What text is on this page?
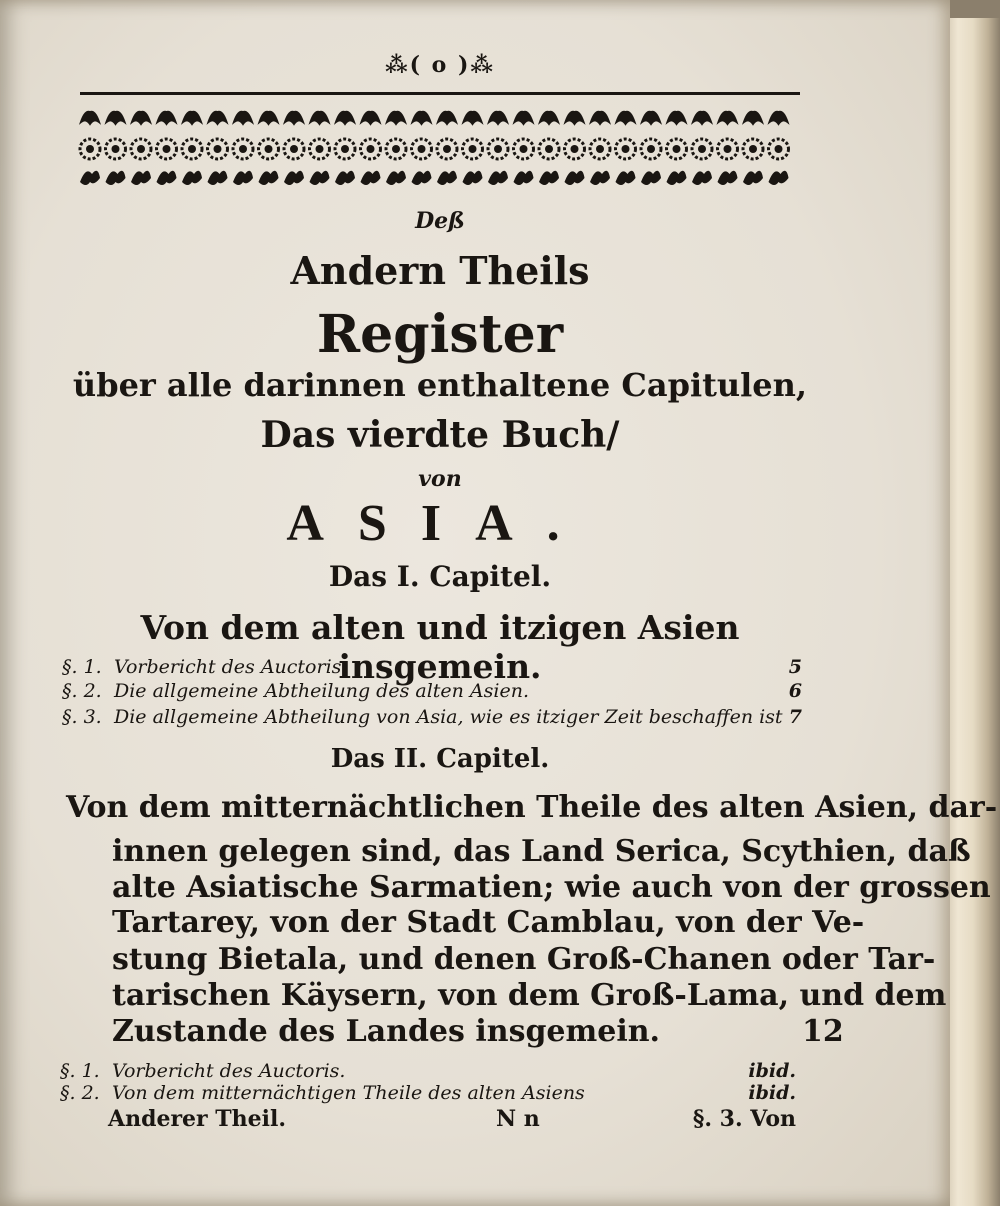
⁂( o )⁂
Deß
Andern Theils
Register
über alle darinnen enthaltene Capitulen,
Das vierdte Buch/
von
ASIA.
Das I. Capitel.
Von dem alten und itzigen Asien insgemein.
§. 1. Vorbericht des Auctoris.	5
§. 2. Die allgemeine Abtheilung des alten Asien.	6
§. 3. Die allgemeine Abtheilung von Asia, wie es itziger Zeit beschaffen ist 7
Das II. Capitel.
Von dem mitternächtlichen Theile des alten Asien, dar-
innen gelegen sind, das Land Serica, Scythien, daß
alte Asiatische Sarmatien; wie auch von der grossen
Tartarey, von der Stadt Camblau, von der Ve-
stung Bietala, und denen Groß-Chanen oder Tar-
tarischen Käysern, von dem Groß-Lama, und dem
Zustande des Landes insgemein.	12
§. 1. Vorbericht des Auctoris.	ibid.
§. 2. Von dem mitternächtigen Theile des alten Asiens	ibid.
Anderer Theil.	N n	§. 3. Von
